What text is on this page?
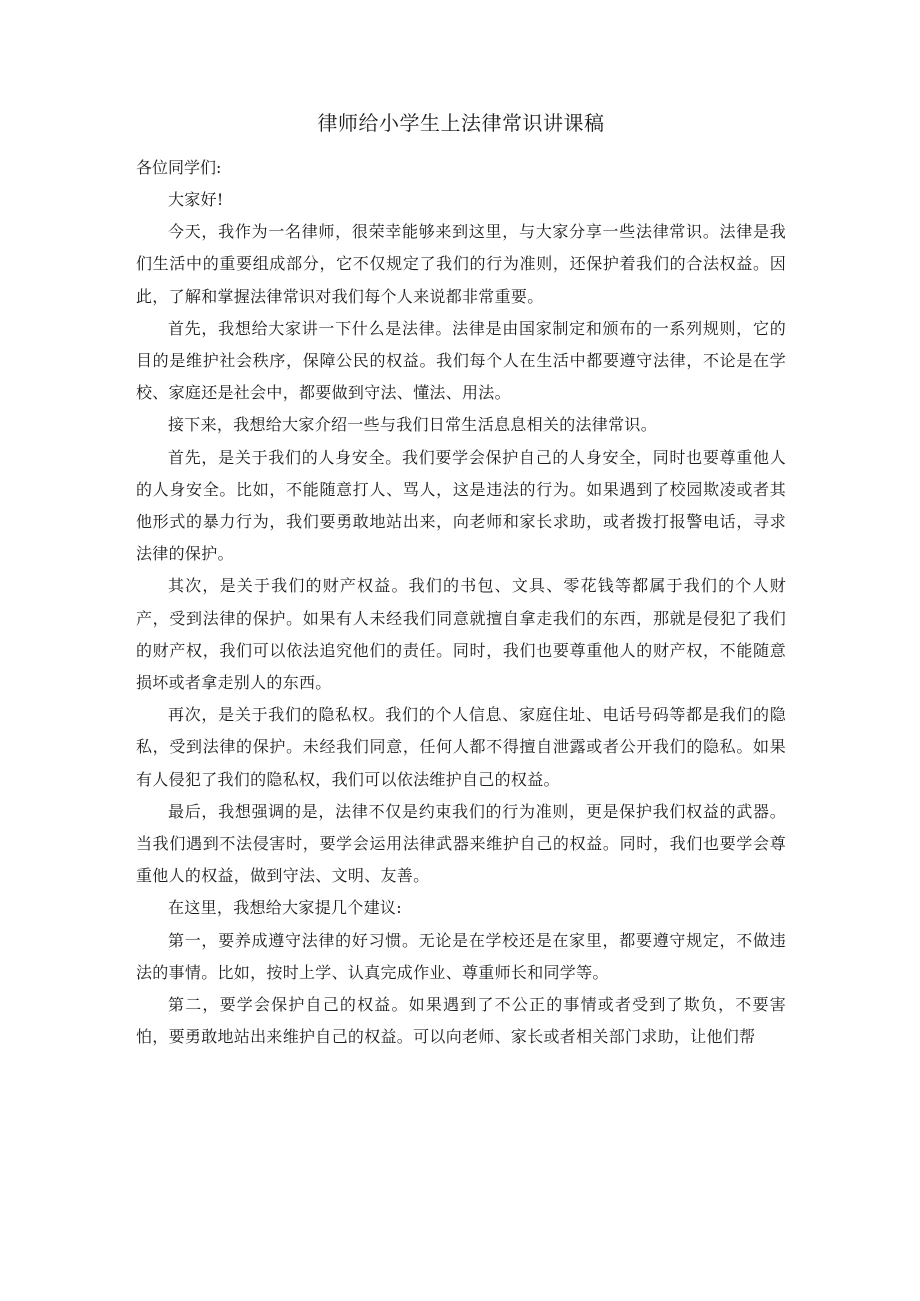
律师给小学生上法律常识讲课稿

各位同学们:

大家好!

今天，我作为一名律师，很荣幸能够来到这里，与大家分享一些法律常识。法律是我们生活中的重要组成部分，它不仅规定了我们的行为准则，还保护着我们的合法权益。因此，了解和掌握法律常识对我们每个人来说都非常重要。

首先，我想给大家讲一下什么是法律。法律是由国家制定和颁布的一系列规则，它的目的是维护社会秩序，保障公民的权益。我们每个人在生活中都要遵守法律，不论是在学校、家庭还是社会中，都要做到守法、懂法、用法。

接下来，我想给大家介绍一些与我们日常生活息息相关的法律常识。

首先，是关于我们的人身安全。我们要学会保护自己的人身安全，同时也要尊重他人的人身安全。比如，不能随意打人、骂人，这是违法的行为。如果遇到了校园欺凌或者其他形式的暴力行为，我们要勇敢地站出来，向老师和家长求助，或者拨打报警电话，寻求法律的保护。

其次，是关于我们的财产权益。我们的书包、文具、零花钱等都属于我们的个人财产，受到法律的保护。如果有人未经我们同意就擅自拿走我们的东西，那就是侵犯了我们的财产权，我们可以依法追究他们的责任。同时，我们也要尊重他人的财产权，不能随意损坏或者拿走别人的东西。

再次，是关于我们的隐私权。我们的个人信息、家庭住址、电话号码等都是我们的隐私，受到法律的保护。未经我们同意，任何人都不得擅自泄露或者公开我们的隐私。如果有人侵犯了我们的隐私权，我们可以依法维护自己的权益。

最后，我想强调的是，法律不仅是约束我们的行为准则，更是保护我们权益的武器。当我们遇到不法侵害时，要学会运用法律武器来维护自己的权益。同时，我们也要学会尊重他人的权益，做到守法、文明、友善。

在这里，我想给大家提几个建议:

第一，要养成遵守法律的好习惯。无论是在学校还是在家里，都要遵守规定，不做违法的事情。比如，按时上学、认真完成作业、尊重师长和同学等。

第二，要学会保护自己的权益。如果遇到了不公正的事情或者受到了欺负，不要害怕，要勇敢地站出来维护自己的权益。可以向老师、家长或者相关部门求助，让他们帮
